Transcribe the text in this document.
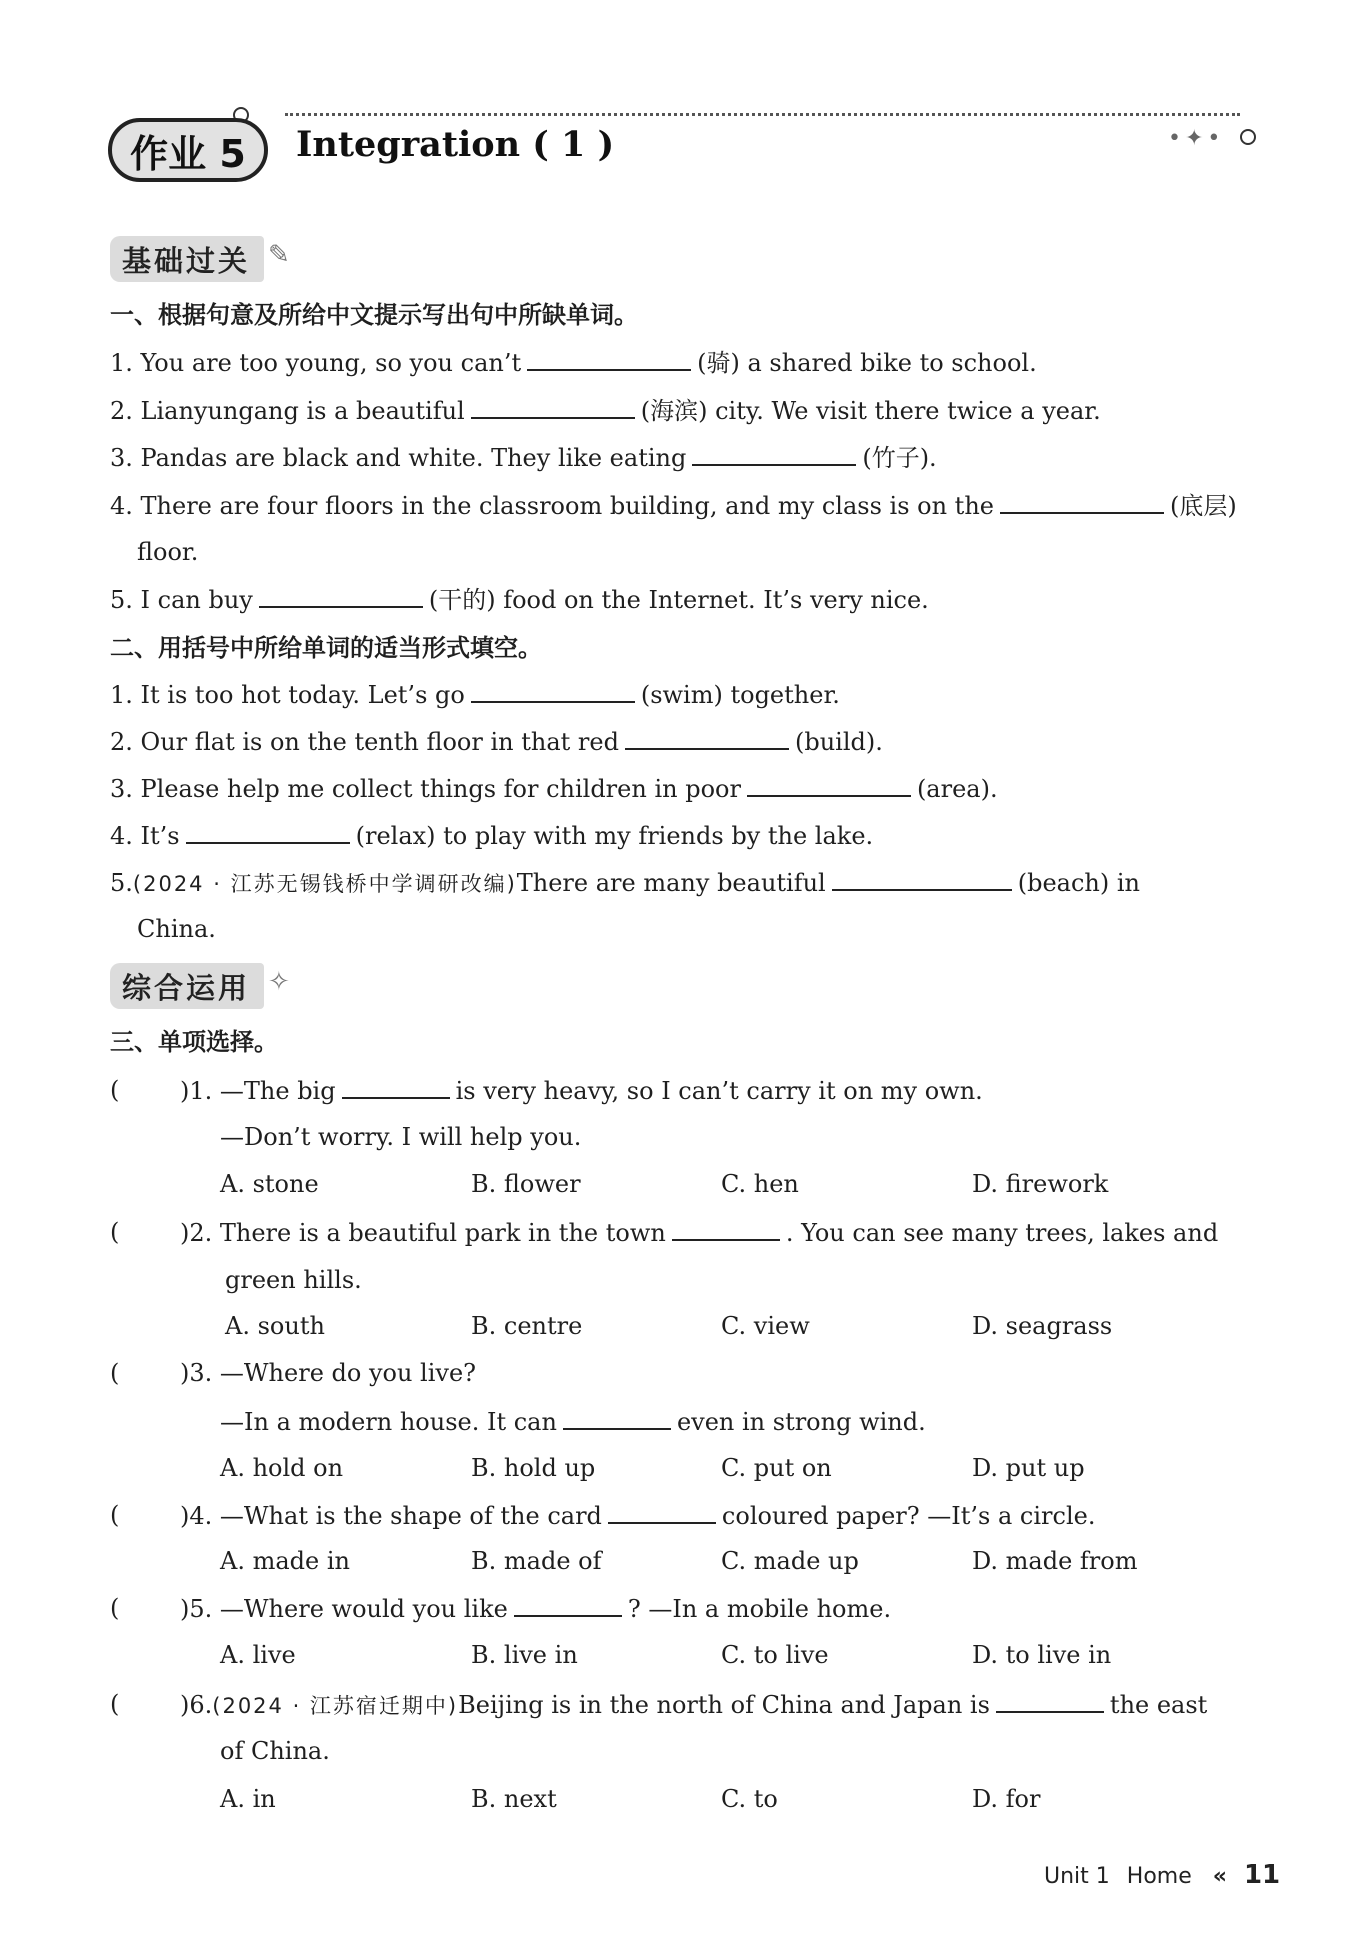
作业 5	Integration ( 1 )	•✦•
基础过关 ✎
一、根据句意及所给中文提示写出句中所缺单词。
1. You are too young, so you can’t	(骑) a shared bike to school.
2. Lianyungang is a beautiful	(海滨) city. We visit there twice a year.
3. Pandas are black and white. They like eating	(竹子).
4. There are four floors in the classroom building, and my class is on the	(底层)
floor.
5. I can buy	(干的) food on the Internet. It’s very nice.
二、用括号中所给单词的适当形式填空。
1. It is too hot today. Let’s go	(swim) together.
2. Our flat is on the tenth floor in that red	(build).
3. Please help me collect things for children in poor	(area).
4. It’s	(relax) to play with my friends by the lake.
5.(2024 · 江苏无锡钱桥中学调研改编)There are many beautiful	(beach) in
China.
综合运用 ✧
三、单项选择。
(	)1. —The big	is very heavy, so I can’t carry it on my own.
—Don’t worry. I will help you.
A. stone	B. flower	C. hen	D. firework
(	)2. There is a beautiful park in the town	. You can see many trees, lakes and
green hills.
A. south	B. centre	C. view	D. seagrass
(	)3. —Where do you live?
—In a modern house. It can	even in strong wind.
A. hold on	B. hold up	C. put on	D. put up
(	)4. —What is the shape of the card	coloured paper? —It’s a circle.
A. made in	B. made of	C. made up	D. made from
(	)5. —Where would you like	? —In a mobile home.
A. live	B. live in	C. to live	D. to live in
(	)6.(2024 · 江苏宿迁期中)Beijing is in the north of China and Japan is	the east
of China.
A. in	B. next	C. to	D. for
Unit 1 Home « 11
